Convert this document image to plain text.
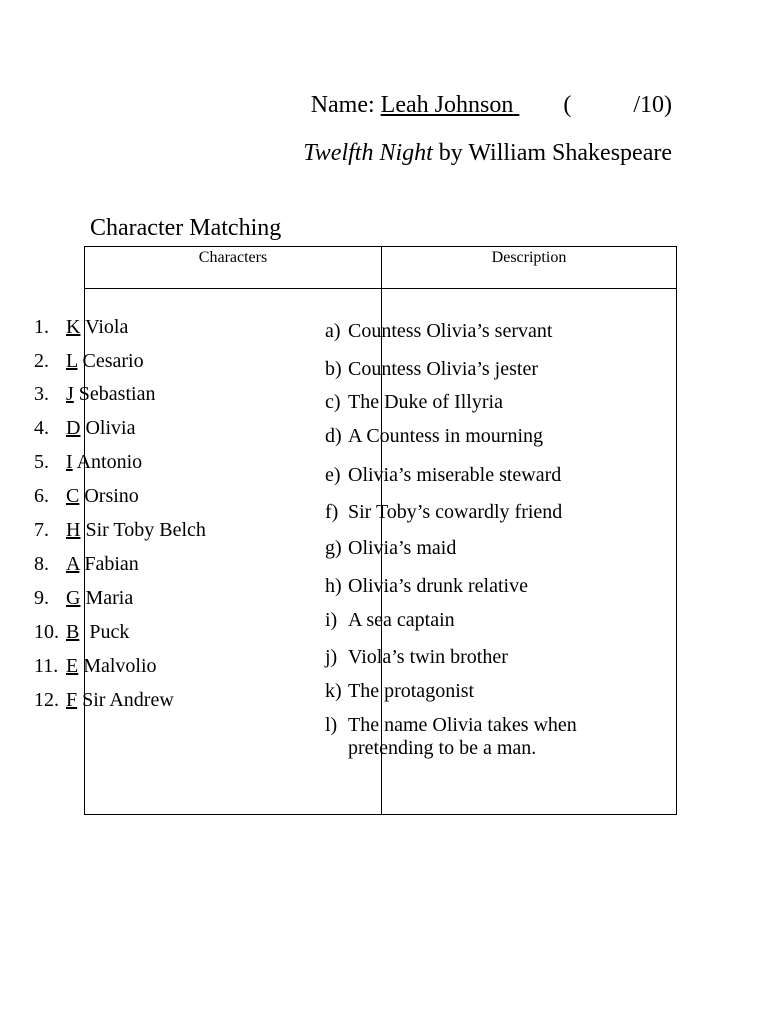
Name: Leah Johnson (	/10)
Twelfth Night by William Shakespeare
Character Matching
Characters	Description
1. K Viola
2. L Cesario
3. J Sebastian
4. D Olivia
5. I Antonio
6. C Orsino
7. H Sir Toby Belch
8. A Fabian
9. G Maria
10. B  Puck
11. E Malvolio
12. F Sir Andrew
a) Countess Olivia’s servant
b) Countess Olivia’s jester
c) The Duke of Illyria
d) A Countess in mourning
e) Olivia’s miserable steward
f) Sir Toby’s cowardly friend
g) Olivia’s maid
h) Olivia’s drunk relative
i) A sea captain
j) Viola’s twin brother
k) The protagonist
l) The name Olivia takes when pretending to be a man.
